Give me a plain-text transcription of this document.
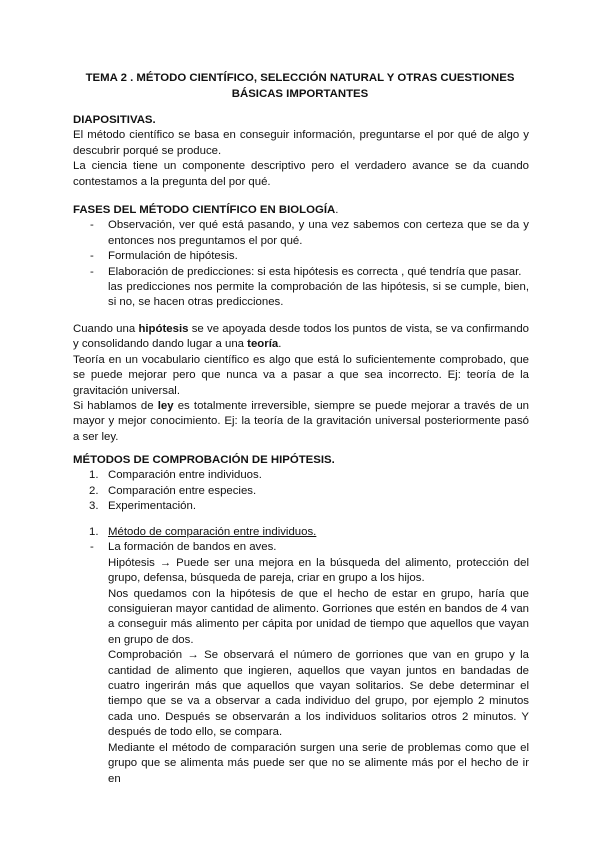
TEMA 2 . MÉTODO CIENTÍFICO, SELECCIÓN NATURAL Y OTRAS CUESTIONES
BÁSICAS IMPORTANTES

DIAPOSITIVAS.

El método científico se basa en conseguir información, preguntarse el por qué de algo y descubrir porqué se produce.

La ciencia tiene un componente descriptivo pero el verdadero avance se da cuando contestamos a la pregunta del por qué.

FASES DEL MÉTODO CIENTÍFICO EN BIOLOGÍA.

- Observación, ver qué está pasando, y una vez sabemos con certeza que se da y entonces nos preguntamos el por qué.
- Formulación de hipótesis.
- Elaboración de predicciones: si esta hipótesis es correcta , qué tendría que pasar.

las predicciones nos permite la comprobación de las hipótesis, si se cumple, bien, si no, se hacen otras predicciones.

Cuando una hipótesis se ve apoyada desde todos los puntos de vista, se va confirmando y consolidando dando lugar a una teoría.

Teoría en un vocabulario científico es algo que está lo suficientemente comprobado, que se puede mejorar pero que nunca va a pasar a que sea incorrecto. Ej: teoría de la gravitación universal.

Si hablamos de ley es totalmente irreversible, siempre se puede mejorar a través de un mayor y mejor conocimiento. Ej: la teoría de la gravitación universal posteriormente pasó a ser ley.

MÉTODOS DE COMPROBACIÓN DE HIPÓTESIS.

1. Comparación entre individuos.
2. Comparación entre especies.
3. Experimentación.
1. Método de comparación entre individuos.
- La formación de bandos en aves.

Hipótesis → Puede ser una mejora en la búsqueda del alimento, protección del grupo, defensa, búsqueda de pareja, criar en grupo a los hijos.

Nos quedamos con la hipótesis de que el hecho de estar en grupo, haría que consiguieran mayor cantidad de alimento. Gorriones que estén en bandos de 4 van a conseguir más alimento per cápita por unidad de tiempo que aquellos que vayan en grupo de dos.

Comprobación → Se observará el número de gorriones que van en grupo y la cantidad de alimento que ingieren, aquellos que vayan juntos en bandadas de cuatro ingerirán más que aquellos que vayan solitarios. Se debe determinar el tiempo que se va a observar a cada individuo del grupo, por ejemplo 2 minutos cada uno. Después se observarán a los individuos solitarios otros 2 minutos. Y después de todo ello, se compara.

Mediante el método de comparación surgen una serie de problemas como que el grupo que se alimenta más puede ser que no se alimente más por el hecho de ir en
